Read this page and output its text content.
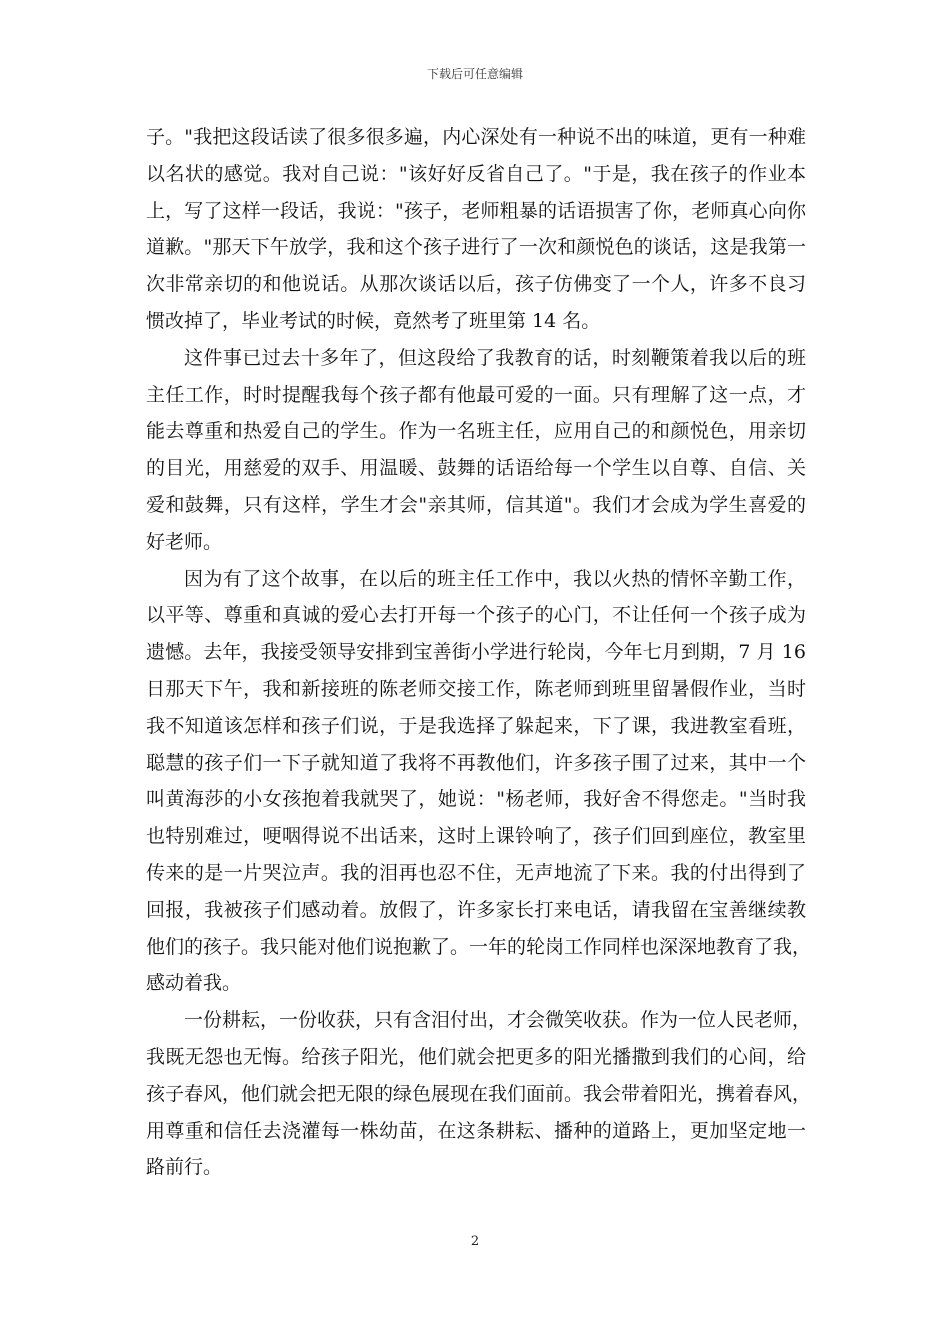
下载后可任意编辑
子。"我把这段话读了很多很多遍，内心深处有一种说不出的味道，更有一种难
以名状的感觉。我对自己说："该好好反省自己了。"于是，我在孩子的作业本
上，写了这样一段话，我说："孩子，老师粗暴的话语损害了你，老师真心向你
道歉。"那天下午放学，我和这个孩子进行了一次和颜悦色的谈话，这是我第一
次非常亲切的和他说话。从那次谈话以后，孩子仿佛变了一个人，许多不良习
惯改掉了，毕业考试的时候，竟然考了班里第 14 名。
这件事已过去十多年了，但这段给了我教育的话，时刻鞭策着我以后的班
主任工作，时时提醒我每个孩子都有他最可爱的一面。只有理解了这一点，才
能去尊重和热爱自己的学生。作为一名班主任，应用自己的和颜悦色，用亲切
的目光，用慈爱的双手、用温暖、鼓舞的话语给每一个学生以自尊、自信、关
爱和鼓舞，只有这样，学生才会"亲其师，信其道"。我们才会成为学生喜爱的
好老师。
因为有了这个故事，在以后的班主任工作中，我以火热的情怀辛勤工作，
以平等、尊重和真诚的爱心去打开每一个孩子的心门，不让任何一个孩子成为
遗憾。去年，我接受领导安排到宝善街小学进行轮岗，今年七月到期，7 月 16
日那天下午，我和新接班的陈老师交接工作，陈老师到班里留暑假作业，当时
我不知道该怎样和孩子们说，于是我选择了躲起来，下了课，我进教室看班，
聪慧的孩子们一下子就知道了我将不再教他们，许多孩子围了过来，其中一个
叫黄海莎的小女孩抱着我就哭了，她说："杨老师，我好舍不得您走。"当时我
也特别难过，哽咽得说不出话来，这时上课铃响了，孩子们回到座位，教室里
传来的是一片哭泣声。我的泪再也忍不住，无声地流了下来。我的付出得到了
回报，我被孩子们感动着。放假了，许多家长打来电话，请我留在宝善继续教
他们的孩子。我只能对他们说抱歉了。一年的轮岗工作同样也深深地教育了我，
感动着我。
一份耕耘，一份收获，只有含泪付出，才会微笑收获。作为一位人民老师，
我既无怨也无悔。给孩子阳光，他们就会把更多的阳光播撒到我们的心间，给
孩子春风，他们就会把无限的绿色展现在我们面前。我会带着阳光，携着春风，
用尊重和信任去浇灌每一株幼苗，在这条耕耘、播种的道路上，更加坚定地一
路前行。
2
